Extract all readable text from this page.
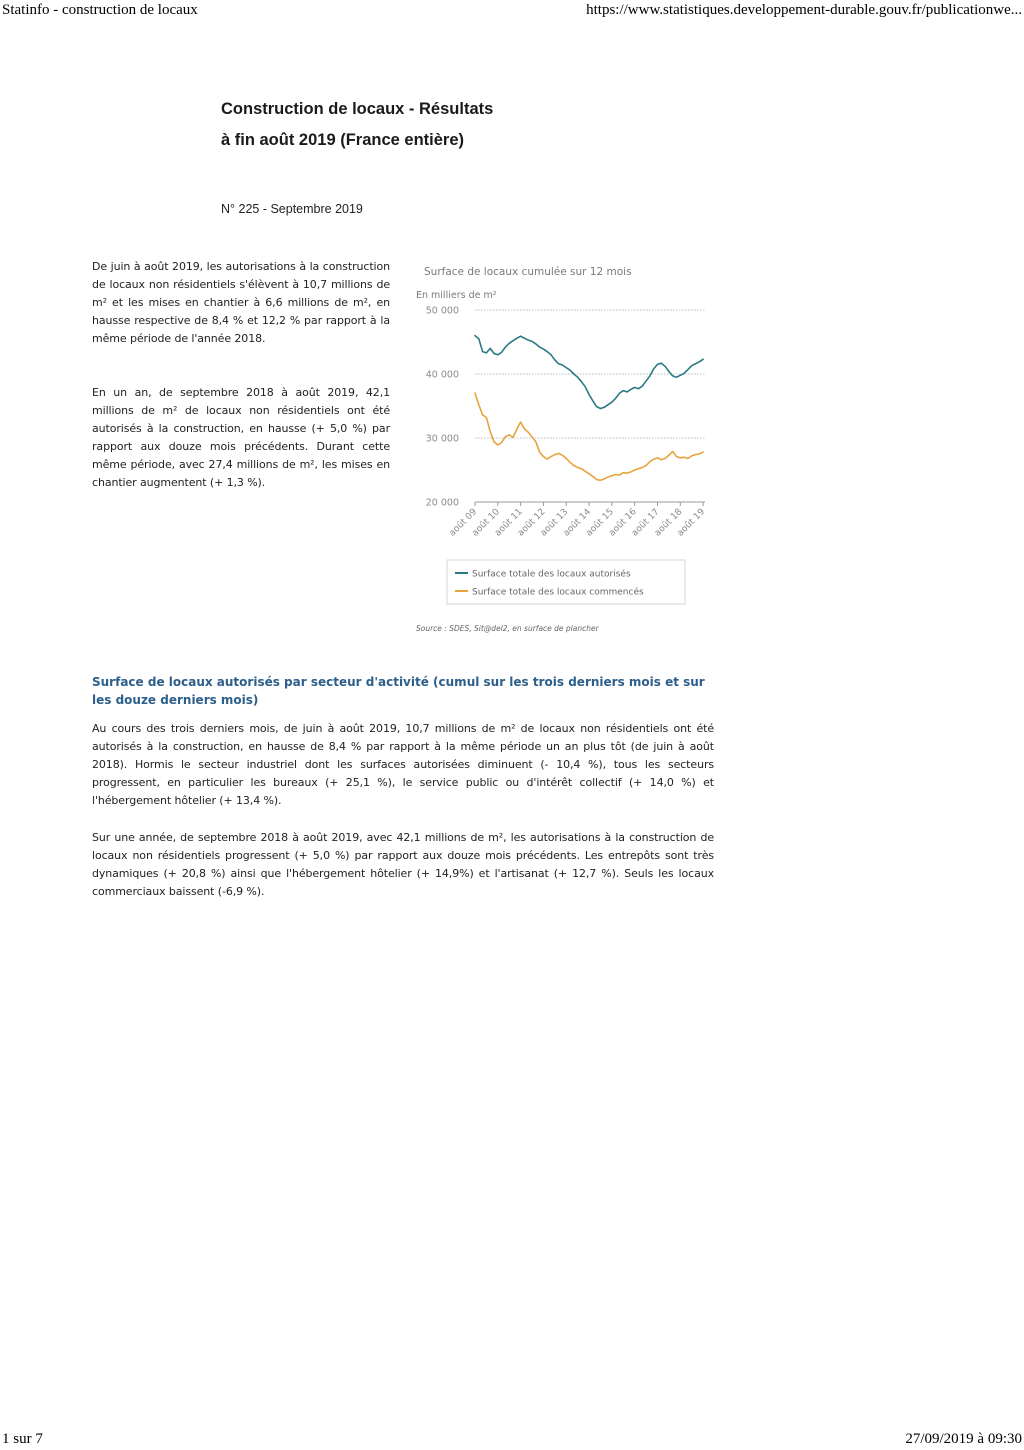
Statinfo - construction de locaux	https://www.statistiques.developpement-durable.gouv.fr/publicationwe...
Construction de locaux - Résultats
à fin août 2019 (France entière)
N° 225 - Septembre 2019

De juin à août 2019, les autorisations à la construction de locaux non résidentiels s'élèvent à 10,7 millions de m² et les mises en chantier à 6,6 millions de m², en hausse respective de 8,4 % et 12,2 % par rapport à la même période de l'année 2018.

En un an, de septembre 2018 à août 2019, 42,1 millions de m² de locaux non résidentiels ont été autorisés à la construction, en hausse (+ 5,0 %) par rapport aux douze mois précédents. Durant cette même période, avec 27,4 millions de m², les mises en chantier augmentent (+ 1,3 %).

Surface de locaux cumulée sur 12 mois
En milliers de m²
20 000
30 000
40 000
50 000
août 09
août 10
août 11
août 12
août 13
août 14
août 15
août 16
août 17
août 18
août 19
Surface totale des locaux autorisés
Surface totale des locaux commencés
Source : SDES, Sit@del2, en surface de plancher
Surface de locaux autorisés par secteur d'activité (cumul sur les trois derniers mois et sur les douze derniers mois)

Au cours des trois derniers mois, de juin à août 2019, 10,7 millions de m² de locaux non résidentiels ont été autorisés à la construction, en hausse de 8,4 % par rapport à la même période un an plus tôt (de juin à août 2018). Hormis le secteur industriel dont les surfaces autorisées diminuent (- 10,4 %), tous les secteurs progressent, en particulier les bureaux (+ 25,1 %), le service public ou d'intérêt collectif (+ 14,0 %) et l'hébergement hôtelier (+ 13,4 %).

Sur une année, de septembre 2018 à août 2019, avec 42,1 millions de m², les autorisations à la construction de locaux non résidentiels progressent (+ 5,0 %) par rapport aux douze mois précédents. Les entrepôts sont très dynamiques (+ 20,8 %) ainsi que l'hébergement hôtelier (+ 14,9%) et l'artisanat (+ 12,7 %). Seuls les locaux commerciaux baissent (-6,9 %).

1 sur 7	27/09/2019 à 09:30
